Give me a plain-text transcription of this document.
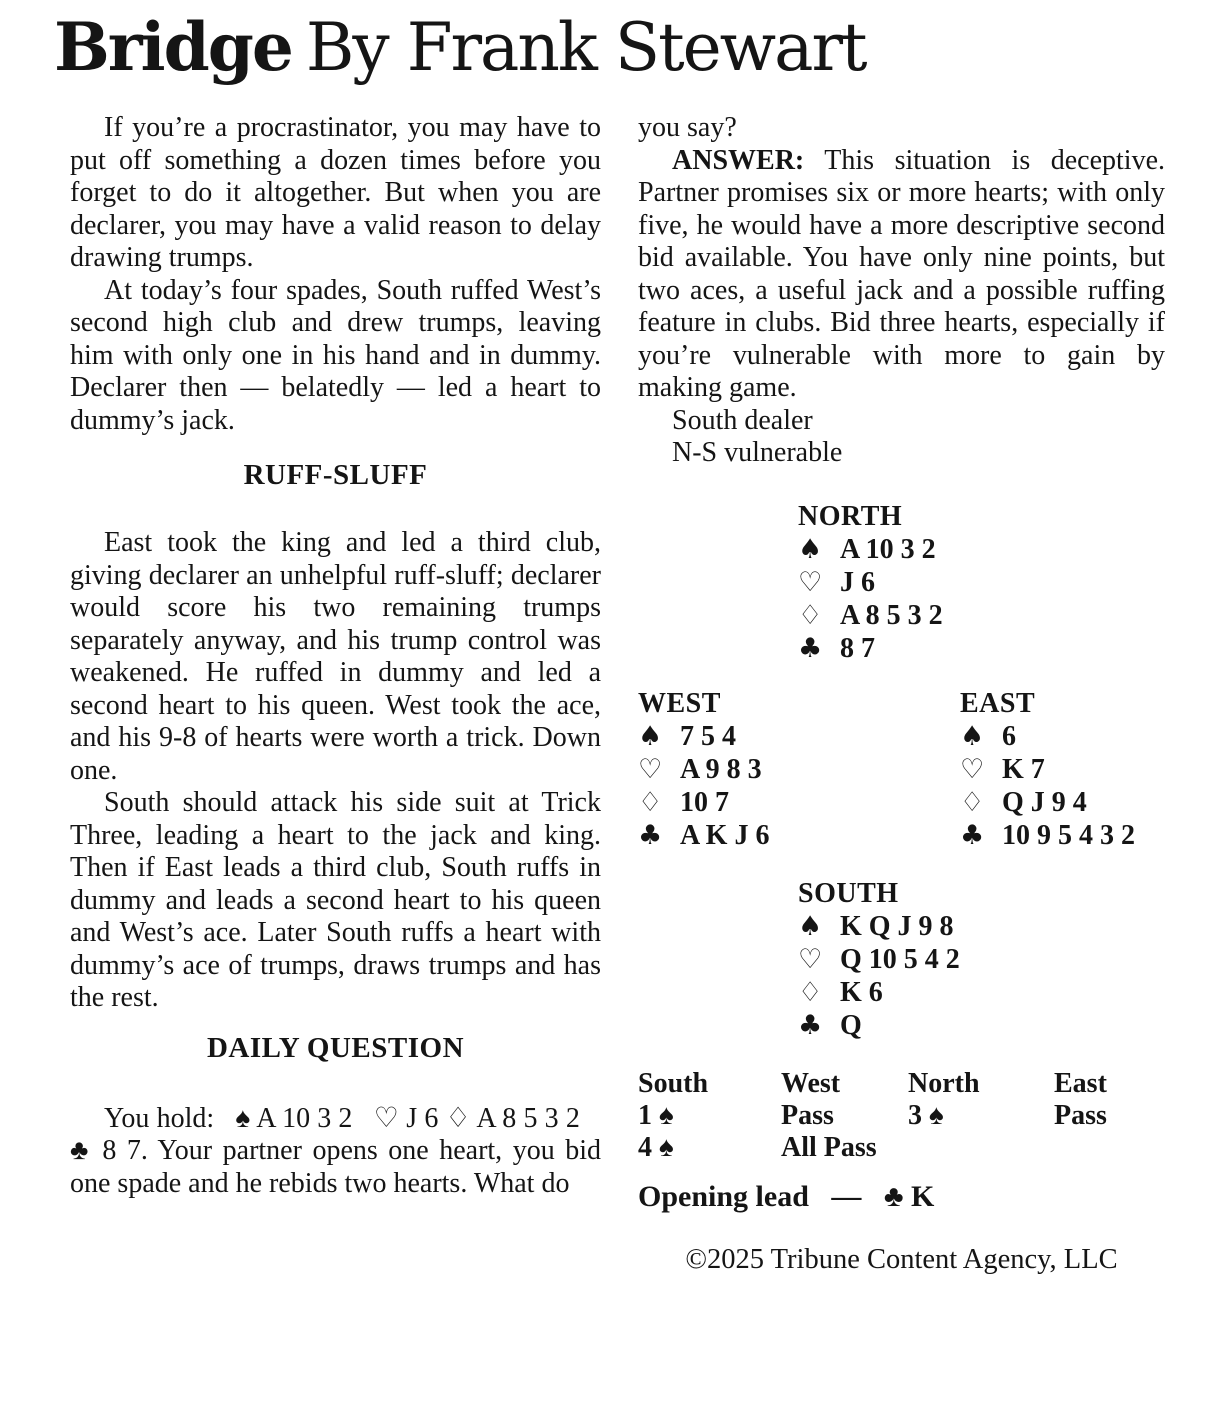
Bridge By Frank Stewart

If you’re a procrastinator, you may have to put off something a dozen times before you forget to do it altogether. But when you are declarer, you may have a valid reason to delay drawing trumps.

At today’s four spades, South ruffed West’s second high club and drew trumps, leaving him with only one in his hand and in dummy. Declarer then — belatedly — led a heart to dummy’s jack.

RUFF-SLUFF

East took the king and led a third club, giving declarer an unhelpful ruff-sluff; declarer would score his two remaining trumps separately anyway, and his trump control was weakened. He ruffed in dummy and led a second heart to his queen. West took the ace, and his 9-8 of hearts were worth a trick. Down one.

South should attack his side suit at Trick Three, leading a heart to the jack and king. Then if East leads a third club, South ruffs in dummy and leads a second heart to his queen and West’s ace. Later South ruffs a heart with dummy’s ace of trumps, draws trumps and has the rest.

DAILY QUESTION

You hold:  ♠ A 10 3 2  ♡ J 6 ♢ A 8 5 3 2  ♣ 8 7. Your partner opens one heart, you bid one spade and he rebids two hearts. What do

you say?

ANSWER: This situation is deceptive. Partner promises six or more hearts; with only five, he would have a more descriptive second bid available. You have only nine points, but two aces, a useful jack and a possible ruffing feature in clubs. Bid three hearts, especially if you’re vulnerable with more to gain by making game.

South dealer

N-S vulnerable

NORTH
♠ A 10 3 2
♡ J 6
♢ A 8 5 3 2
♣ 8 7
WEST
♠ 7 5 4
♡ A 9 8 3
♢ 10 7
♣ A K J 6
EAST
♠ 6
♡ K 7
♢ Q J 9 4
♣ 10 9 5 4 3 2
SOUTH
♠ K Q J 9 8
♡ Q 10 5 4 2
♢ K 6
♣ Q
South	West	North	East
1 ♠	Pass	3 ♠	Pass
4 ♠	All Pass

Opening lead  —  ♣ K

©2025 Tribune Content Agency, LLC
